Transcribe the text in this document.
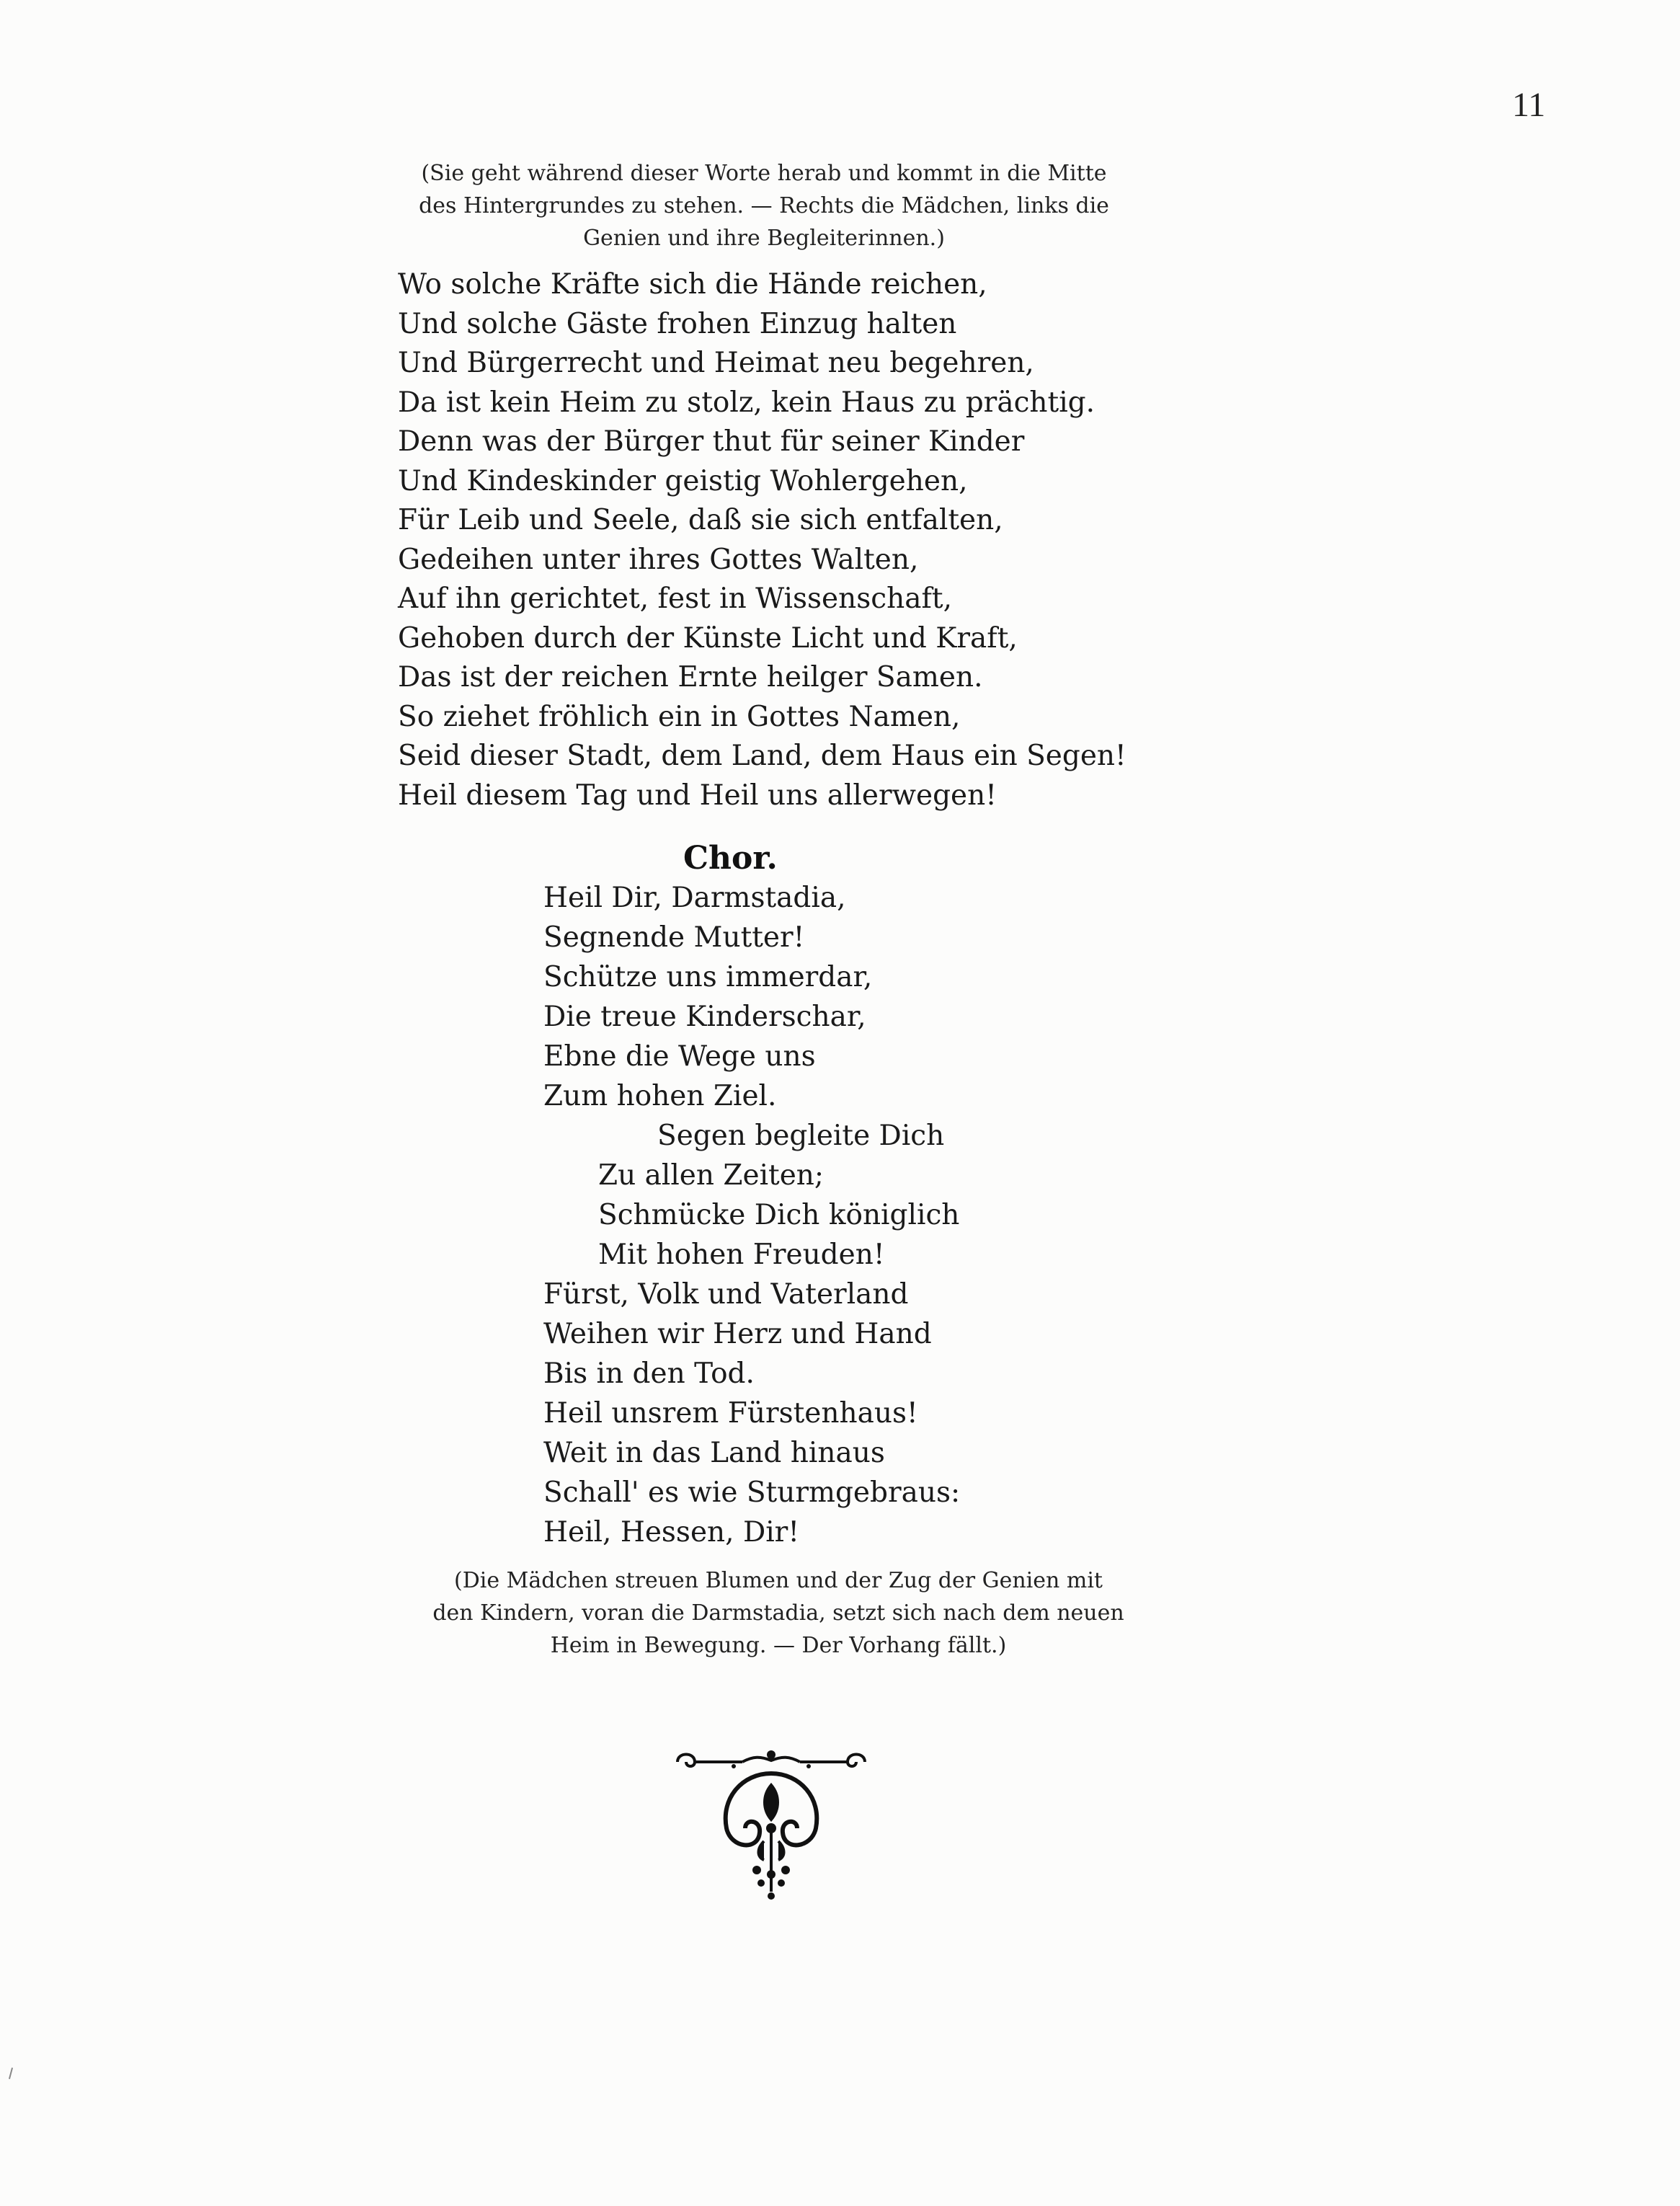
11

(Sie geht während dieser Worte herab und kommt in die Mitte

des Hintergrundes zu stehen. — Rechts die Mädchen, links die

Genien und ihre Begleiterinnen.)

Wo solche Kräfte sich die Hände reichen,
Und solche Gäste frohen Einzug halten
Und Bürgerrecht und Heimat neu begehren,
Da ist kein Heim zu stolz, kein Haus zu prächtig.
Denn was der Bürger thut für seiner Kinder
Und Kindeskinder geistig Wohlergehen,
Für Leib und Seele, daß sie sich entfalten,
Gedeihen unter ihres Gottes Walten,
Auf ihn gerichtet, fest in Wissenschaft,
Gehoben durch der Künste Licht und Kraft,
Das ist der reichen Ernte heilger Samen.
So ziehet fröhlich ein in Gottes Namen,
Seid dieser Stadt, dem Land, dem Haus ein Segen!
Heil diesem Tag und Heil uns allerwegen!
Chor.
Heil Dir, Darmstadia,
Segnende Mutter!
Schütze uns immerdar,
Die treue Kinderschar,
Ebne die Wege uns
Zum hohen Ziel.
Segen begleite Dich
Zu allen Zeiten;
Schmücke Dich königlich
Mit hohen Freuden!
Fürst, Volk und Vaterland
Weihen wir Herz und Hand
Bis in den Tod.
Heil unsrem Fürstenhaus!
Weit in das Land hinaus
Schall' es wie Sturmgebraus:
Heil, Hessen, Dir!

(Die Mädchen streuen Blumen und der Zug der Genien mit

den Kindern, voran die Darmstadia, setzt sich nach dem neuen

Heim in Bewegung. — Der Vorhang fällt.)
